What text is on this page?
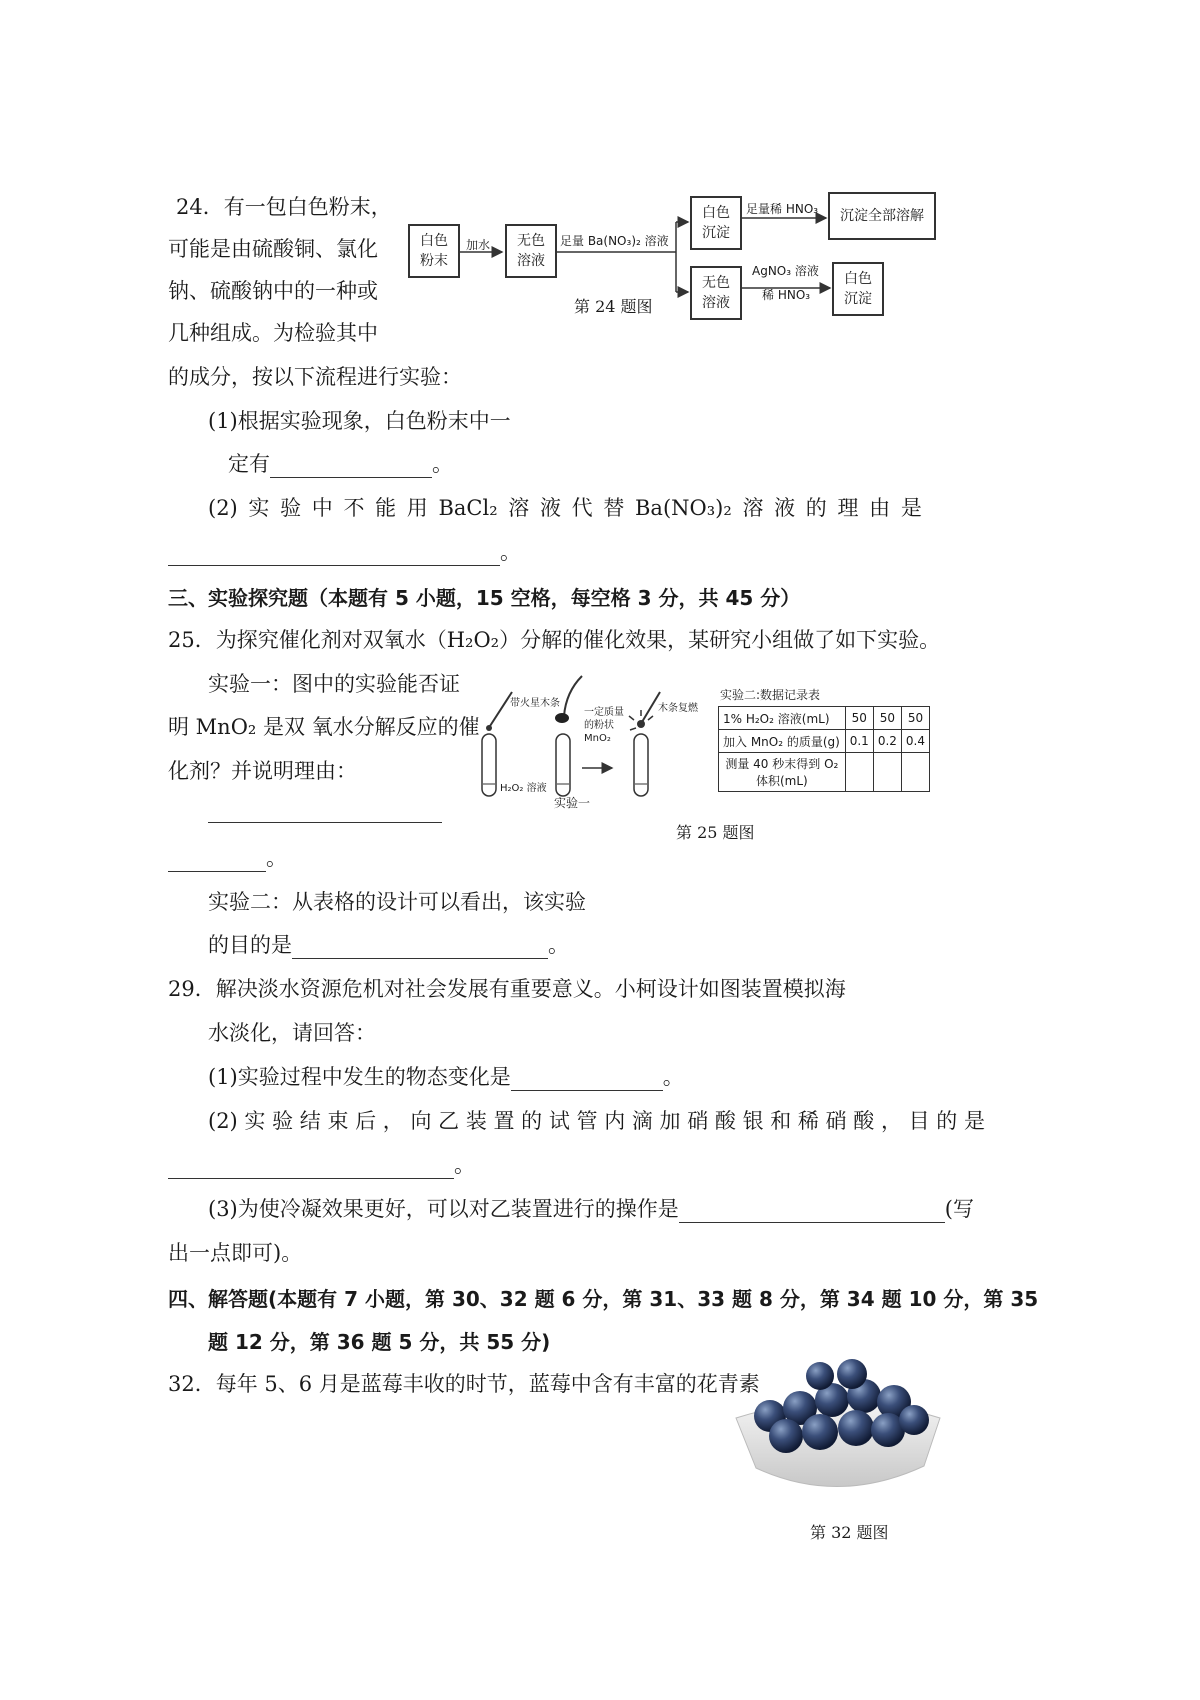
24．有一包白色粉末，
可能是由硫酸铜、氯化
钠、硫酸钠中的一种或
几种组成。为检验其中
的成分，按以下流程进行实验：
白色
粉末
加水 无色
溶液
足量 Ba(NO₃)₂ 溶液
白色
沉淀
足量稀 HNO₃ 沉淀全部溶解
无色
溶液
AgNO₃ 溶液
稀 HNO₃
白色
沉淀
第 24 题图
(1)根据实验现象，白色粉末中一
定有	。
(2) 实 验 中 不 能 用 BaCl₂ 溶 液 代 替 Ba(NO₃)₂ 溶 液 的 理 由 是
。
三、实验探究题（本题有 5 小题，15 空格，每空格 3 分，共 45 分）
25．为探究催化剂对双氧水（H₂O₂）分解的催化效果，某研究小组做了如下实验。
实验一：图中的实验能否证
明 MnO₂ 是双 氧水分解反应的催
化剂？并说明理由：
。
带火星木条
一定质量
的粉状
MnO₂
木条复燃
H₂O₂ 溶液
实验一
实验二:数据记录表
1% H₂O₂ 溶液(mL)	50	50	50
加入 MnO₂ 的质量(g)	0.1	0.2	0.4
测量 40 秒末得到 O₂ 体积(mL)			
第 25 题图
实验二：从表格的设计可以看出，该实验
的目的是	。
29．解决淡水资源危机对社会发展有重要意义。小柯设计如图装置模拟海
水淡化，请回答：
(1)实验过程中发生的物态变化是	。
(2) 实 验 结 束 后 ， 向 乙 装 置 的 试 管 内 滴 加 硝 酸 银 和 稀 硝 酸 ， 目 的 是
。
(3)为使冷凝效果更好，可以对乙装置进行的操作是	(写
出一点即可)。
四、解答题(本题有 7 小题，第 30、32 题 6 分，第 31、33 题 8 分，第 34 题 10 分，第 35
题 12 分，第 36 题 5 分，共 55 分)
32．每年 5、6 月是蓝莓丰收的时节，蓝莓中含有丰富的花青素
第 32 题图
